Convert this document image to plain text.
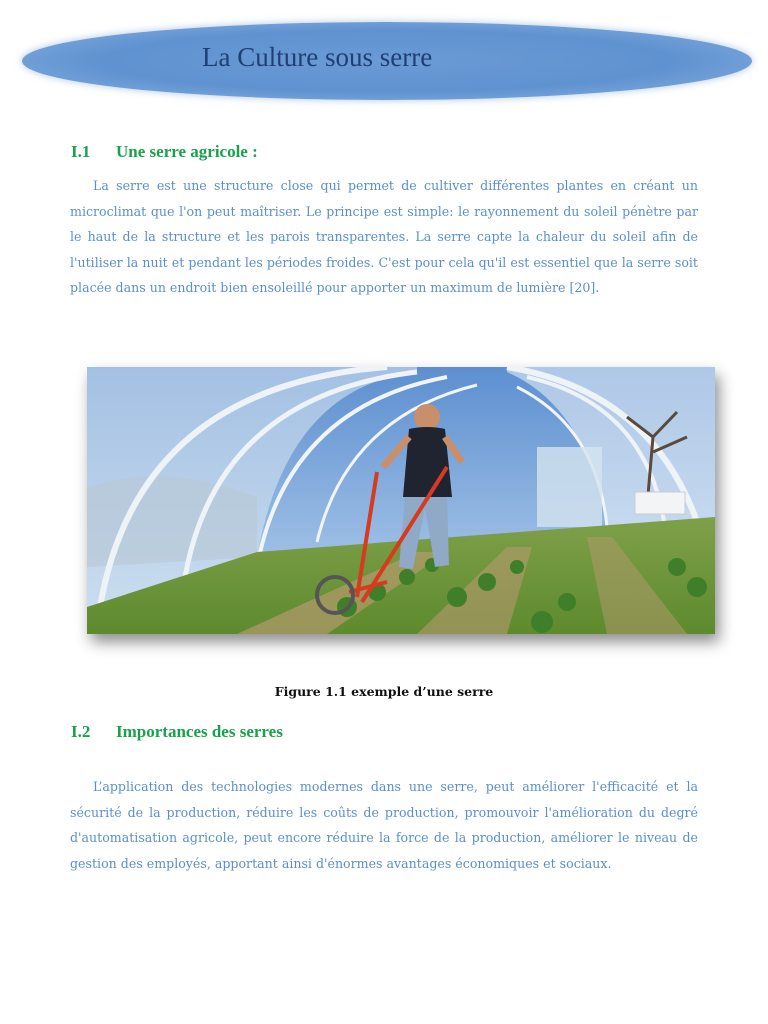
La Culture sous serre
I.1 Une serre agricole :

La serre est une structure close qui permet de cultiver différentes plantes en créant un microclimat que l'on peut maîtriser. Le principe est simple: le rayonnement du soleil pénètre par le haut de la structure et les parois transparentes. La serre capte la chaleur du soleil afin de l'utiliser la nuit et pendant les périodes froides. C'est pour cela qu'il est essentiel que la serre soit placée dans un endroit bien ensoleillé pour apporter un maximum de lumière [20].

Figure 1.1 exemple d’une serre

I.2 Importances des serres

L’application des technologies modernes dans une serre, peut améliorer l'efficacité et la sécurité de la production, réduire les coûts de production, promouvoir l'amélioration du degré d'automatisation agricole, peut encore réduire la force de la production, améliorer le niveau de gestion des employés, apportant ainsi d'énormes avantages économiques et sociaux.
